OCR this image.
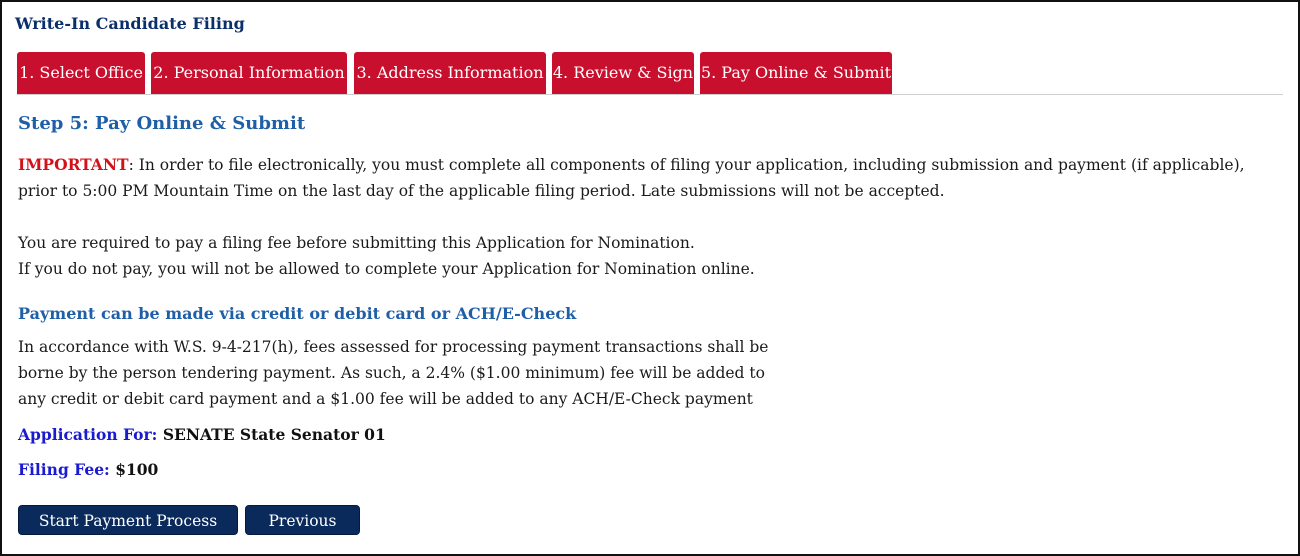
Write-In Candidate Filing
1. Select Office 2. Personal Information 3. Address Information 4. Review & Sign 5. Pay Online & Submit
Step 5: Pay Online & Submit
IMPORTANT: In order to file electronically, you must complete all components of filing your application, including submission and payment (if applicable), prior to 5:00 PM Mountain Time on the last day of the applicable filing period. Late submissions will not be accepted.
You are required to pay a filing fee before submitting this Application for Nomination.
If you do not pay, you will not be allowed to complete your Application for Nomination online.
Payment can be made via credit or debit card or ACH/E-Check
In accordance with W.S. 9-4-217(h), fees assessed for processing payment transactions shall be
borne by the person tendering payment. As such, a 2.4% ($1.00 minimum) fee will be added to
any credit or debit card payment and a $1.00 fee will be added to any ACH/E-Check payment
Application For: SENATE State Senator 01
Filing Fee: $100
Start Payment Process	Previous
